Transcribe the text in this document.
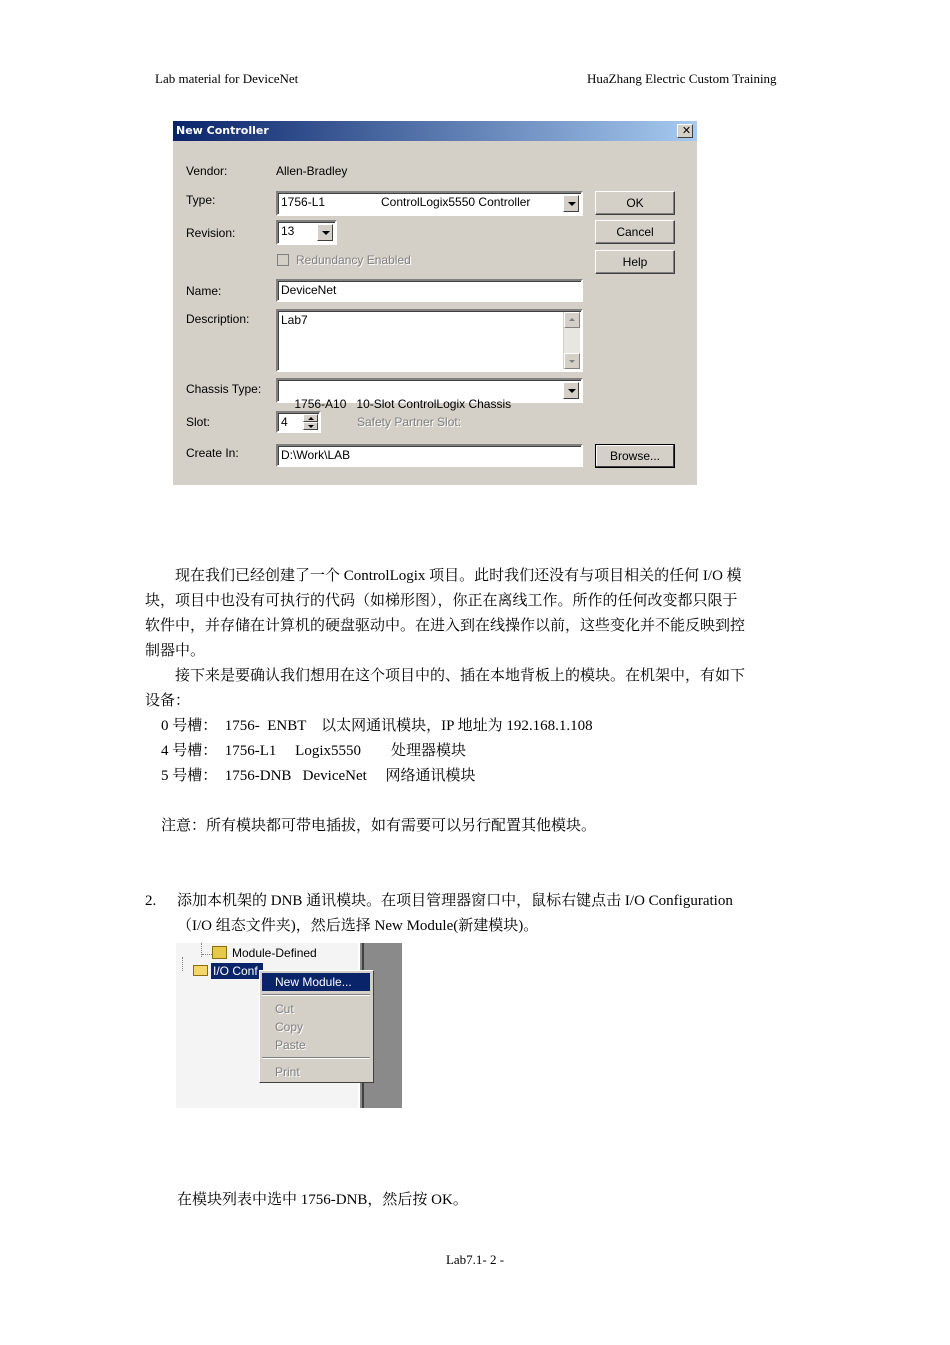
Lab material for DeviceNet	HuaZhang Electric Custom Training
New Controller	✕
Vendor:	Allen-Bradley
Type:	1756-L1	ControlLogix5550 Controller
Revision:	13
Redundancy Enabled
Name:	DeviceNet
Description:	Lab7
Chassis Type:

1756-A10   10-Slot ControlLogix Chassis

Slot:	4	Safety Partner Slot:
Create In:	D:\Work\LAB
OK
Cancel
Help
Browse...
现在我们已经创建了一个 ControlLogix 项目。此时我们还没有与项目相关的任何 I/O 模
块，项目中也没有可执行的代码（如梯形图），你正在离线工作。所作的任何改变都只限于
软件中，并存储在计算机的硬盘驱动中。在进入到在线操作以前，这些变化并不能反映到控
制器中。
接下来是要确认我们想用在这个项目中的、插在本地背板上的模块。在机架中，有如下
设备：
0 号槽：  1756-  ENBT    以太网通讯模块，IP 地址为 192.168.1.108
4 号槽：  1756-L1     Logix5550        处理器模块
5 号槽：  1756-DNB   DeviceNet     网络通讯模块
注意：所有模块都可带电插拔，如有需要可以另行配置其他模块。
2. 添加本机架的 DNB 通讯模块。在项目管理器窗口中，鼠标右键点击 I/O Configuration
（I/O 组态文件夹)，然后选择 New Module(新建模块)。
Module-Defined
I/O Conf
New Module...
Cut
Copy
Paste
Print
在模块列表中选中 1756-DNB，然后按 OK。
Lab7.1- 2 -
